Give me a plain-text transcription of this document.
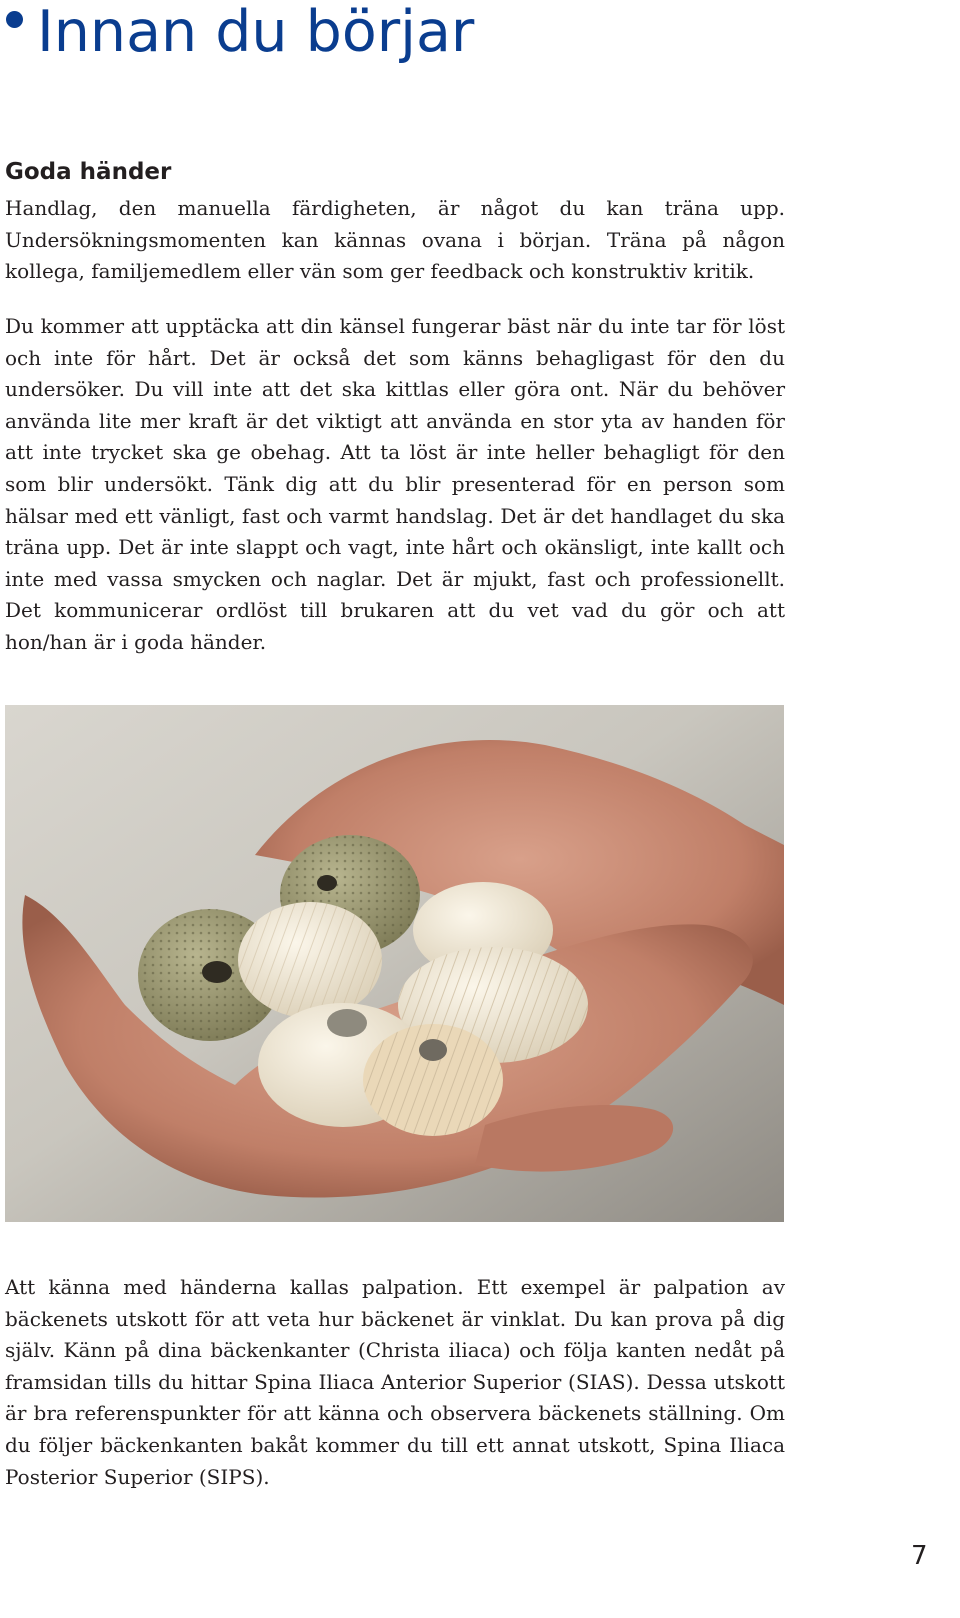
Innan du börjar
Goda händer

Handlag, den manuella färdigheten, är något du kan träna upp. Undersökningsmomenten kan kännas ovana i början. Träna på någon kollega, familjemedlem eller vän som ger feedback och konstruktiv kritik.

Du kommer att upptäcka att din känsel fungerar bäst när du inte tar för löst och inte för hårt. Det är också det som känns behagligast för den du undersöker. Du vill inte att det ska kittlas eller göra ont. När du behöver använda lite mer kraft är det viktigt att använda en stor yta av handen för att inte trycket ska ge obehag. Att ta löst är inte heller behagligt för den som blir undersökt. Tänk dig att du blir presenterad för en person som hälsar med ett vänligt, fast och varmt handslag. Det är det handlaget du ska träna upp. Det är inte slappt och vagt, inte hårt och okänsligt, inte kallt och inte med vassa smycken och naglar. Det är mjukt, fast och professionellt. Det kommunicerar ordlöst till brukaren att du vet vad du gör och att hon/han är i goda händer.

Att känna med händerna kallas palpation. Ett exempel är palpation av bäckenets utskott för att veta hur bäckenet är vinklat. Du kan prova på dig själv. Känn på dina bäckenkanter (Christa iliaca) och följa kanten nedåt på framsidan tills du hittar Spina Iliaca Anterior Superior (SIAS). Dessa utskott är bra referenspunkter för att känna och observera bäckenets ställning. Om du följer bäckenkanten bakåt kommer du till ett annat utskott, Spina Iliaca Posterior Superior (SIPS).

7
